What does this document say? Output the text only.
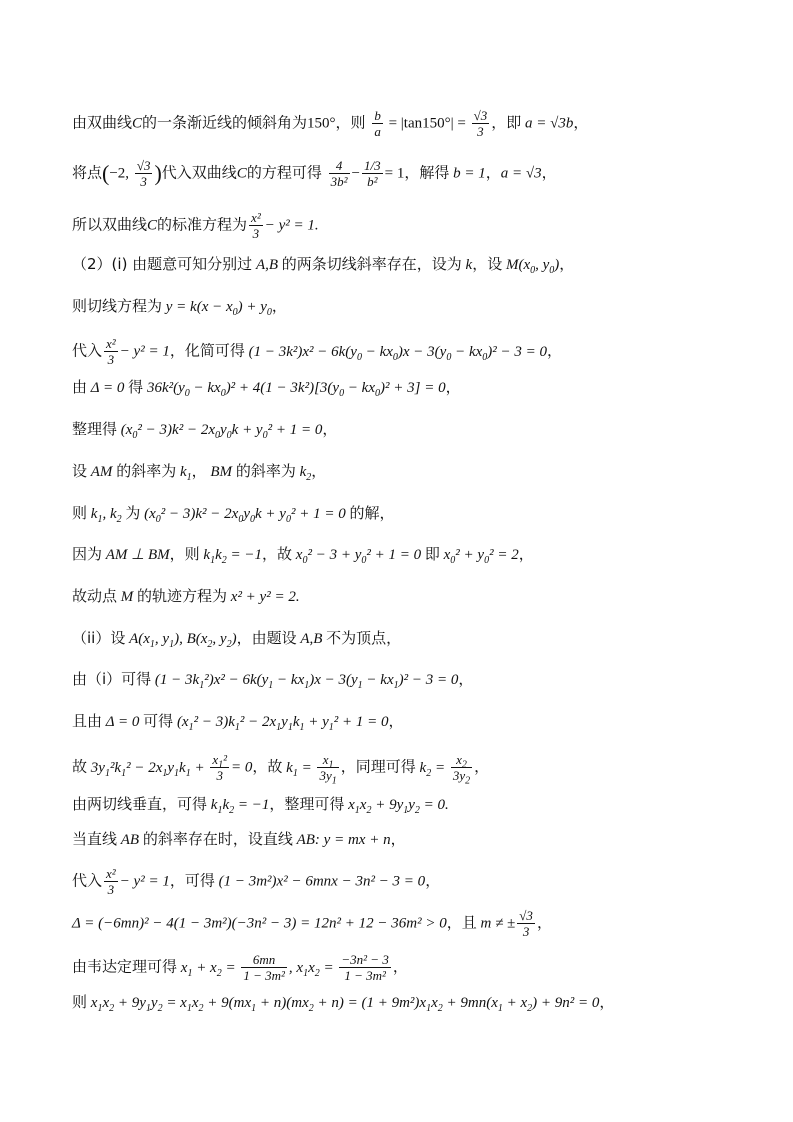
由双曲线C的一条渐近线的倾斜角为150°，则 $\frac{b}{a} = |\tan 150^\circ| = \frac{√3}{3}$ ，即 a = √3b，
将点(−2, $\frac{√3}{3}$ )代入双曲线C的方程可得 $\frac{4}{\text{3b²}} - \frac{1/3}{\text{b²}} = 1$，解得 b = 1，a = √3，
所以双曲线C的标准方程为 $\frac{\text{x²}}{3} - y^2 = 1$.
（2）(i) 由题意可知分别过 A,B 的两条切线斜率存在，设为 k，设 $M(x_0$, $y_0$)，
则切线方程为 $y = k(x - x_0) + y_0$，
代入 $\frac{\text{x²}}{3} - y^2 = 1$，化简可得 $(1 - 3k^2)x^2 - 6k(y_0 - kx_0)x - 3(y_0 - kx_0)^2 - 3 = 0$，
由 Δ = 0 得 $36k^2(y_0 - kx_0)^2 + 4(1 - 3k^2)[3(y_0 - kx_0)^2 + 3] = 0$，
整理得 $(x_0^2 - 3)k^2 - 2x_0y_0k + y_0^2 + 1 = 0$，
设 AM 的斜率为 $k_1$， BM 的斜率为 $k_2$，
则 $k_1$, $k_2$ 为 $(x_0^2 - 3)k^2 - 2x_0y_0k + y_0^2 + 1 = 0$ 的解，
因为 AM ⊥ BM，则 $k_1k_2 = -1$，故 $x_0^2 - 3 + y_0^2 + 1 = 0$ 即 $x_0^2 + y_0^2 = 2$，
故动点 M 的轨迹方程为 x² + y² = 2.
（ii）设 $A(x_1$, $y_1$), $B(x_2$, $y_2$)，由题设 A,B 不为顶点，
由（i）可得 $(1 - 3k_1^2)x^2 - 6k(y_1 - kx_1)x - 3(y_1 - kx_1)^2 - 3 = 0$，
且由 Δ = 0 可得 $(x_1^2 - 3)k_1^2 - 2x_1y_1k_1 + y_1^2 + 1 = 0$，
故 $3y_1^2k_1^2 - 2x_1y_1k_1 + \frac{x_1^2}{3} = 0$，故 $k_1 = \frac{x_1}{3y_1}$ ，同理可得 $k_2 = \frac{x_2}{3y_2}$ ，
由两切线垂直，可得 $k_1k_2 = -1$，整理可得 $x_1x_2 + 9y_1y_2 = 0$.
当直线 AB 的斜率存在时，设直线 AB: y = mx + n，
代入 $\frac{\text{x²}}{3} - y^2 = 1$，可得 (1 − 3m²)x² − 6mnx − 3n² − 3 = 0，
Δ = (−6mn)² − 4(1 − 3m²)(−3n² − 3) = 12n² + 12 − 36m² > 0，且 m ≠ ± $\frac{√3}{3}$ ，
由韦达定理可得 $x_1 + x_2 = \frac{6mn}{\text{1 − 3m²}}$ , $x_1x_2 = \frac{\text{−3n² − 3}}{\text{1 − 3m²}}$ ，
则 $x_1x_2 + 9y_1y_2 = x_1x_2 + 9(mx_1 + n)(mx_2 + n) = (1 + 9m^2)x_1x_2 + 9mn(x_1 + x_2) + 9n^2 = 0$，
